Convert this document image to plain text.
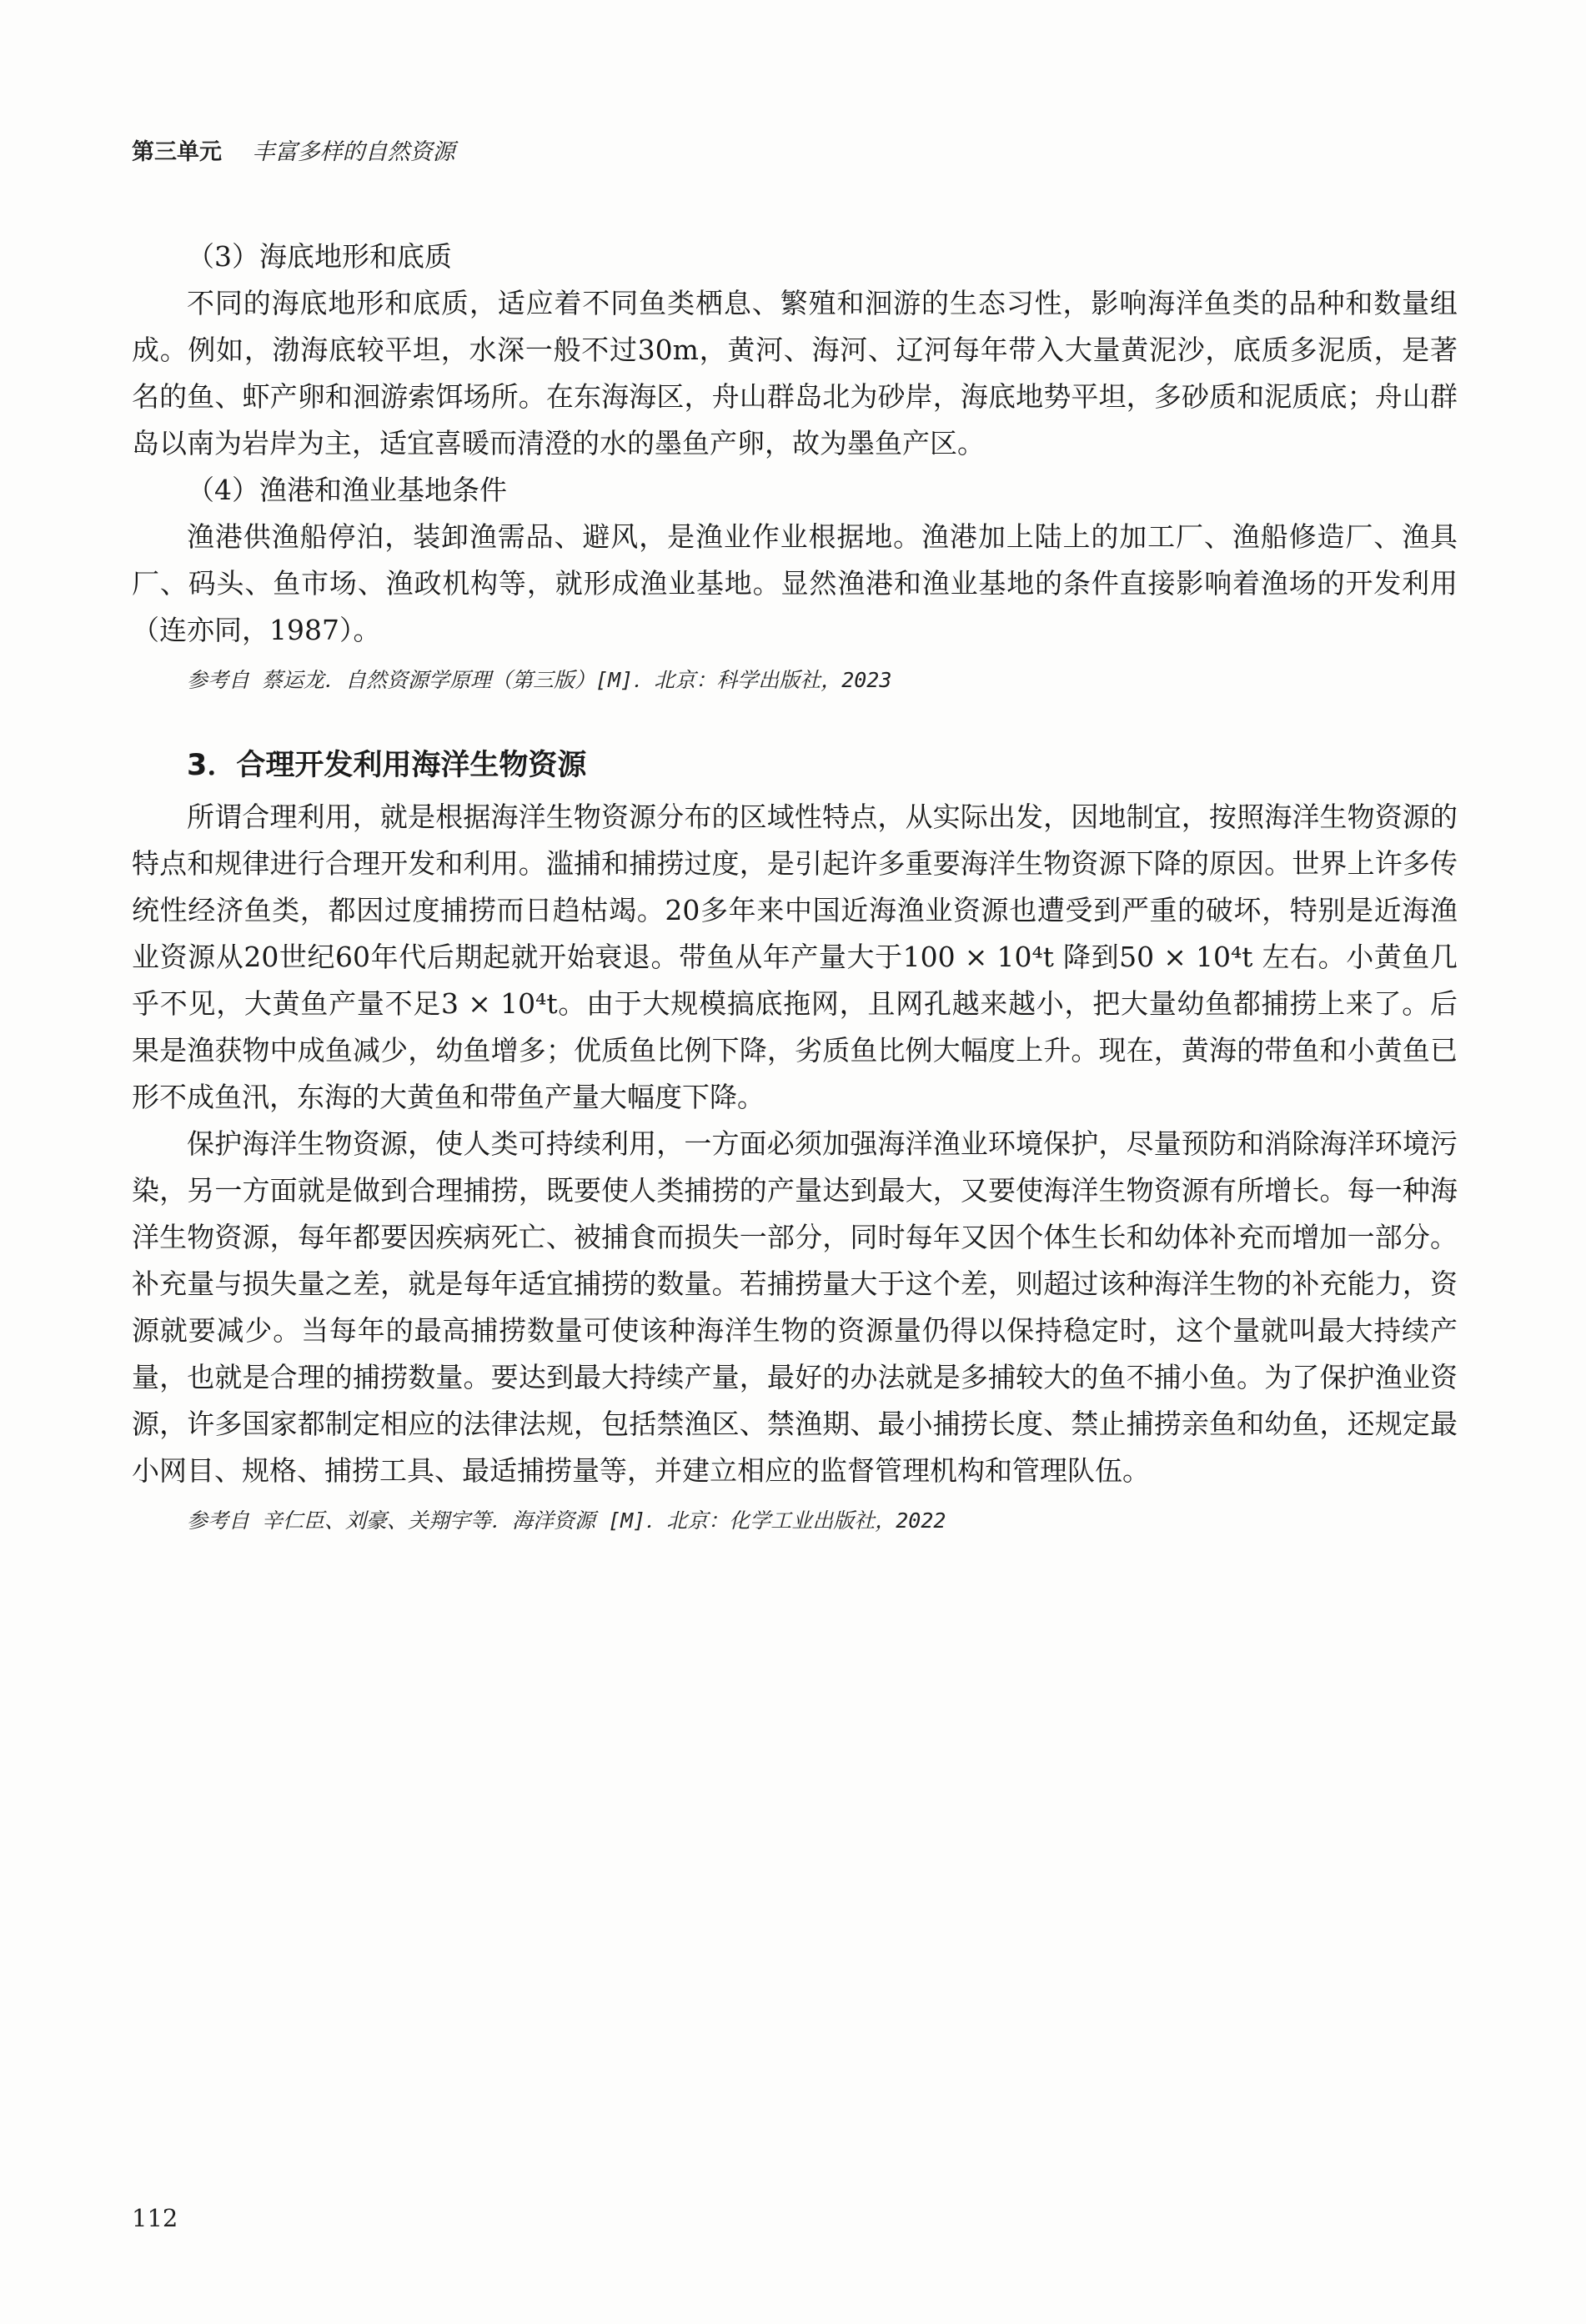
第三单元 丰富多样的自然资源

（3）海底地形和底质

不同的海底地形和底质，适应着不同鱼类栖息、繁殖和洄游的生态习性，影响海洋鱼类的品种和数量组成。例如，渤海底较平坦，水深一般不过30m，黄河、海河、辽河每年带入大量黄泥沙，底质多泥质，是著名的鱼、虾产卵和洄游索饵场所。在东海海区，舟山群岛北为砂岸，海底地势平坦，多砂质和泥质底；舟山群岛以南为岩岸为主，适宜喜暖而清澄的水的墨鱼产卵，故为墨鱼产区。

（4）渔港和渔业基地条件

渔港供渔船停泊，装卸渔需品、避风，是渔业作业根据地。渔港加上陆上的加工厂、渔船修造厂、渔具厂、码头、鱼市场、渔政机构等，就形成渔业基地。显然渔港和渔业基地的条件直接影响着渔场的开发利用（连亦同，1987）。

参考自 蔡运龙．自然资源学原理（第三版）[M]．北京：科学出版社，2023

3．合理开发利用海洋生物资源

所谓合理利用，就是根据海洋生物资源分布的区域性特点，从实际出发，因地制宜，按照海洋生物资源的特点和规律进行合理开发和利用。滥捕和捕捞过度，是引起许多重要海洋生物资源下降的原因。世界上许多传统性经济鱼类，都因过度捕捞而日趋枯竭。20多年来中国近海渔业资源也遭受到严重的破坏，特别是近海渔业资源从20世纪60年代后期起就开始衰退。带鱼从年产量大于100 × 10⁴t 降到50 × 10⁴t 左右。小黄鱼几乎不见，大黄鱼产量不足3 × 10⁴t。由于大规模搞底拖网，且网孔越来越小，把大量幼鱼都捕捞上来了。后果是渔获物中成鱼减少，幼鱼增多；优质鱼比例下降，劣质鱼比例大幅度上升。现在，黄海的带鱼和小黄鱼已形不成鱼汛，东海的大黄鱼和带鱼产量大幅度下降。

保护海洋生物资源，使人类可持续利用，一方面必须加强海洋渔业环境保护，尽量预防和消除海洋环境污染，另一方面就是做到合理捕捞，既要使人类捕捞的产量达到最大，又要使海洋生物资源有所增长。每一种海洋生物资源，每年都要因疾病死亡、被捕食而损失一部分，同时每年又因个体生长和幼体补充而增加一部分。补充量与损失量之差，就是每年适宜捕捞的数量。若捕捞量大于这个差，则超过该种海洋生物的补充能力，资源就要减少。当每年的最高捕捞数量可使该种海洋生物的资源量仍得以保持稳定时，这个量就叫最大持续产量，也就是合理的捕捞数量。要达到最大持续产量，最好的办法就是多捕较大的鱼不捕小鱼。为了保护渔业资源，许多国家都制定相应的法律法规，包括禁渔区、禁渔期、最小捕捞长度、禁止捕捞亲鱼和幼鱼，还规定最小网目、规格、捕捞工具、最适捕捞量等，并建立相应的监督管理机构和管理队伍。

参考自 辛仁臣、刘豪、关翔宇等．海洋资源 [M]．北京：化学工业出版社，2022

112
